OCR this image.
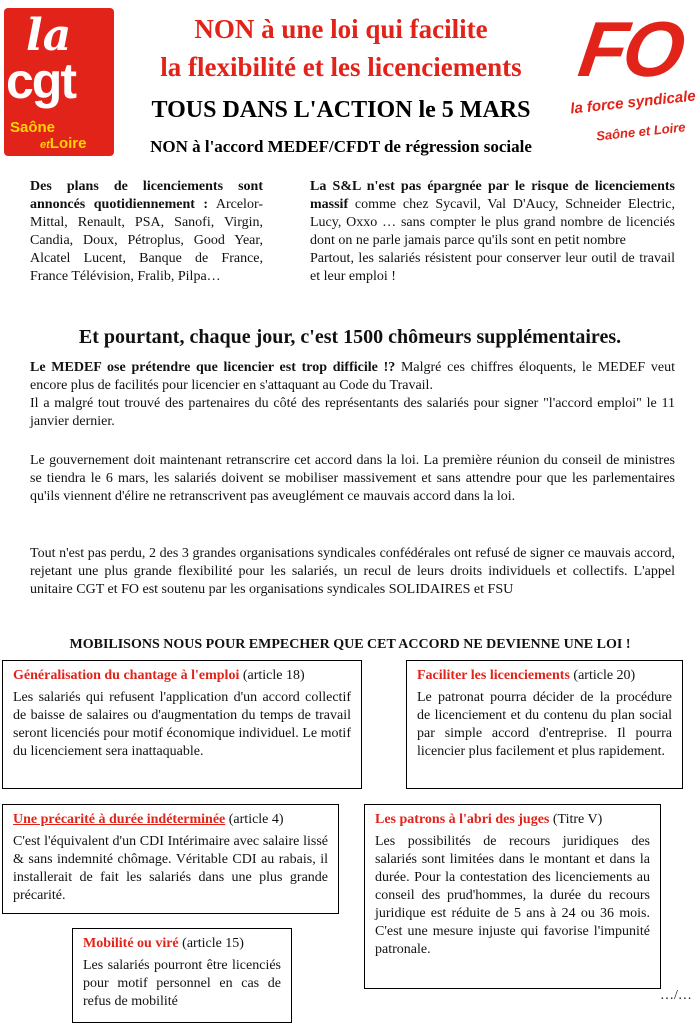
la
cgt
Saône
etLoire
FO
la force syndicale
Saône et Loire
NON à une loi qui facilite
la flexibilité et les licenciements
TOUS DANS L'ACTION le 5 MARS
NON à l'accord MEDEF/CFDT de régression sociale
Des plans de licenciements sont annoncés quotidiennement : Arcelor-Mittal, Renault, PSA, Sanofi, Virgin, Candia, Doux, Pétroplus, Good Year, Alcatel Lucent, Banque de France, France Télévision, Fralib, Pilpa…
La S&L n'est pas épargnée par le risque de licenciements massif comme chez Sycavil, Val D'Aucy, Schneider Electric, Lucy, Oxxo … sans compter le plus grand nombre de licenciés dont on ne parle jamais parce qu'ils sont en petit nombre
Partout, les salariés résistent pour conserver leur outil de travail et leur emploi !
Et pourtant, chaque jour, c'est 1500 chômeurs supplémentaires.
Le MEDEF ose prétendre que licencier est trop difficile !? Malgré ces chiffres éloquents, le MEDEF veut encore plus de facilités pour licencier en s'attaquant au Code du Travail.
Il a malgré tout trouvé des partenaires du côté des représentants des salariés pour signer "l'accord emploi" le 11 janvier dernier.
Le gouvernement doit maintenant retranscrire cet accord dans la loi. La première réunion du conseil de ministres se tiendra le 6 mars, les salariés doivent se mobiliser massivement et sans attendre pour que les parlementaires qu'ils viennent d'élire ne retranscrivent pas aveuglément ce mauvais accord dans la loi.
Tout n'est pas perdu, 2 des 3 grandes organisations syndicales confédérales ont refusé de signer ce mauvais accord, rejetant une plus grande flexibilité pour les salariés, un recul de leurs droits individuels et collectifs. L'appel unitaire CGT et FO est soutenu par les organisations syndicales SOLIDAIRES et FSU
MOBILISONS NOUS POUR EMPECHER QUE CET ACCORD NE DEVIENNE UNE LOI !
Généralisation du chantage à l'emploi (article 18)
Les salariés qui refusent l'application d'un accord collectif de baisse de salaires ou d'augmentation du temps de travail seront licenciés pour motif économique individuel. Le motif du licenciement sera inattaquable.
Faciliter les licenciements (article 20)
Le patronat pourra décider de la procédure de licenciement et du contenu du plan social par simple accord d'entreprise. Il pourra licencier plus facilement et plus rapidement.
Une précarité à durée indéterminée (article 4)
C'est l'équivalent d'un CDI Intérimaire avec salaire lissé & sans indemnité chômage. Véritable CDI au rabais, il installerait de fait les salariés dans une plus grande précarité.
Les patrons à l'abri des juges (Titre V)
Les possibilités de recours juridiques des salariés sont limitées dans le montant et dans la durée. Pour la contestation des licenciements au conseil des prud'hommes, la durée du recours juridique est réduite de 5 ans à 24 ou 36 mois. C'est une mesure injuste qui favorise l'impunité patronale.
Mobilité ou viré (article 15)
Les salariés pourront être licenciés pour motif personnel en cas de refus de mobilité	…/…
